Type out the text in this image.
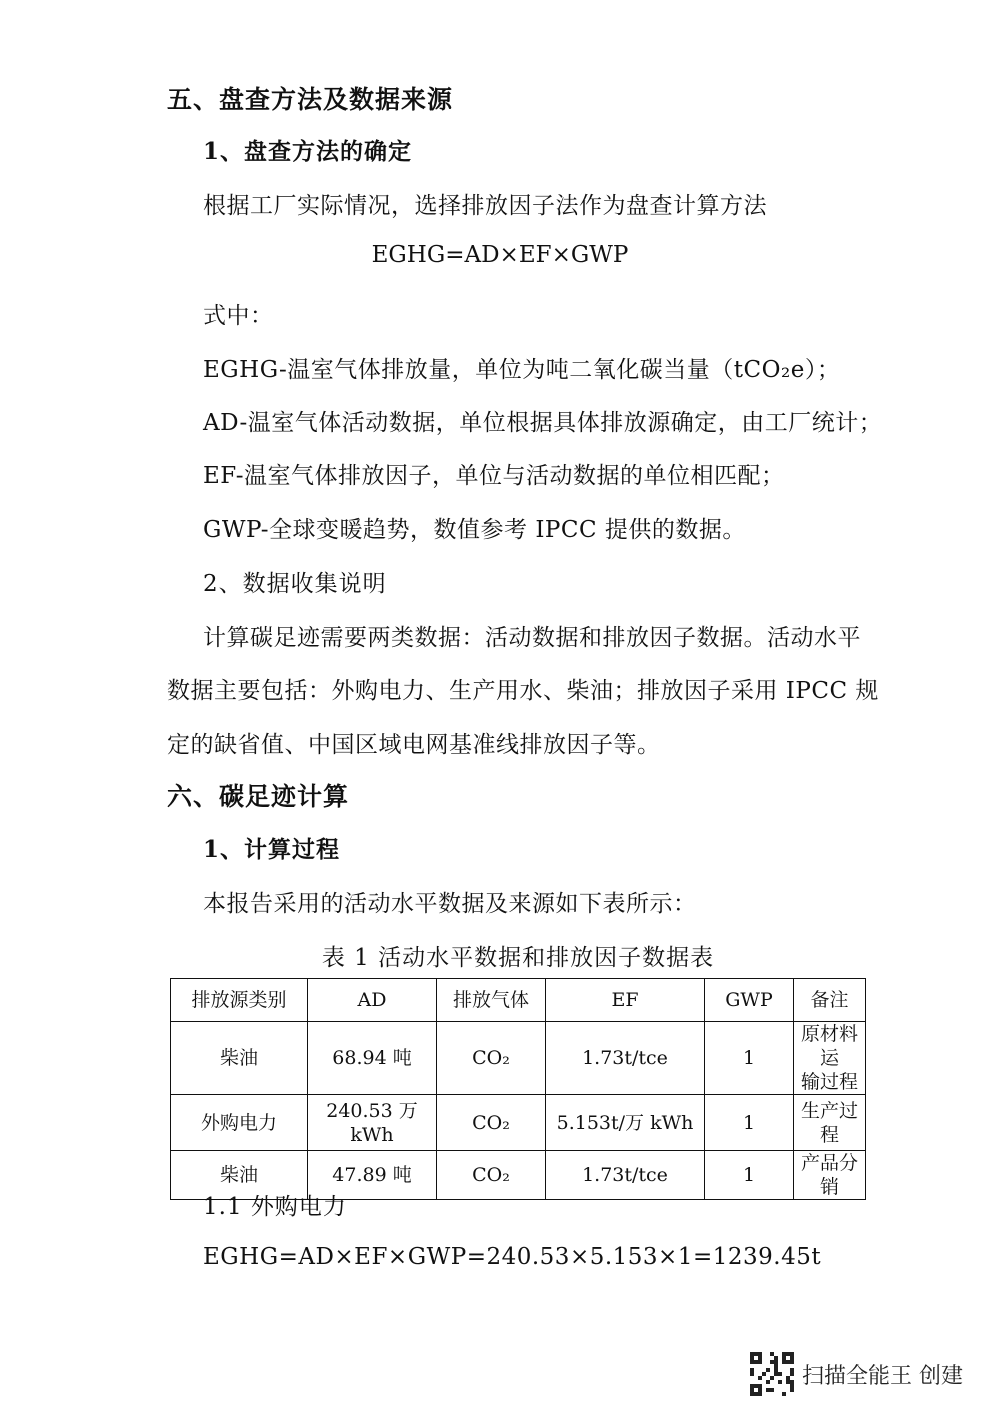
五、盘查方法及数据来源
1、盘查方法的确定
根据工厂实际情况，选择排放因子法作为盘查计算方法
EGHG=AD×EF×GWP
式中：
EGHG-温室气体排放量，单位为吨二氧化碳当量（tCO₂e）；
AD-温室气体活动数据，单位根据具体排放源确定，由工厂统计；
EF-温室气体排放因子，单位与活动数据的单位相匹配；
GWP-全球变暖趋势，数值参考 IPCC 提供的数据。
2、数据收集说明
计算碳足迹需要两类数据：活动数据和排放因子数据。活动水平
数据主要包括：外购电力、生产用水、柴油；排放因子采用 IPCC 规
定的缺省值、中国区域电网基准线排放因子等。
六、碳足迹计算
1、计算过程
本报告采用的活动水平数据及来源如下表所示：
表 1 活动水平数据和排放因子数据表
排放源类别	AD	排放气体	EF	GWP	备注
柴油	68.94 吨	CO₂	1.73t/tce	1	原材料运
输过程

外购电力	240.53 万
kWh	CO₂	5.153t/万 kWh	1	生产过程
柴油	47.89 吨	CO₂	1.73t/tce	1	产品分销
1.1 外购电力
EGHG=AD×EF×GWP=240.53×5.153×1=1239.45t
扫描全能王 创建
